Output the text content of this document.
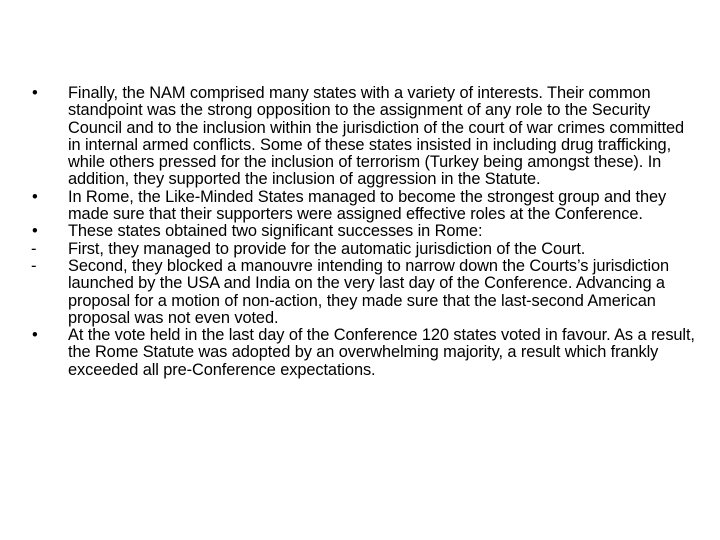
•	Finally, the NAM comprised many states with a variety of interests. Their common standpoint was the strong opposition to the assignment of any role to the Security Council and to the inclusion within the jurisdiction of the court of war crimes committed in internal armed conflicts. Some of these states insisted in including drug trafficking, while others pressed for the inclusion of terrorism (Turkey being amongst these). In addition, they supported the inclusion of aggression in the Statute.
•	In Rome, the Like-Minded States managed to become the strongest group and they made sure that their supporters were assigned effective roles at the Conference.
•	These states obtained two significant successes in Rome:
-	First, they managed to provide for the automatic jurisdiction of the Court.
-	Second, they blocked a manouvre intending to narrow down the Courts’s jurisdiction launched by the USA and India on the very last day of the Conference. Advancing a proposal for a motion of non-action, they made sure that the last-second American proposal was not even voted.
•	At the vote held in the last day of the Conference 120 states voted in favour. As a result, the Rome Statute was adopted by an overwhelming majority, a result which frankly exceeded all pre-Conference expectations.
